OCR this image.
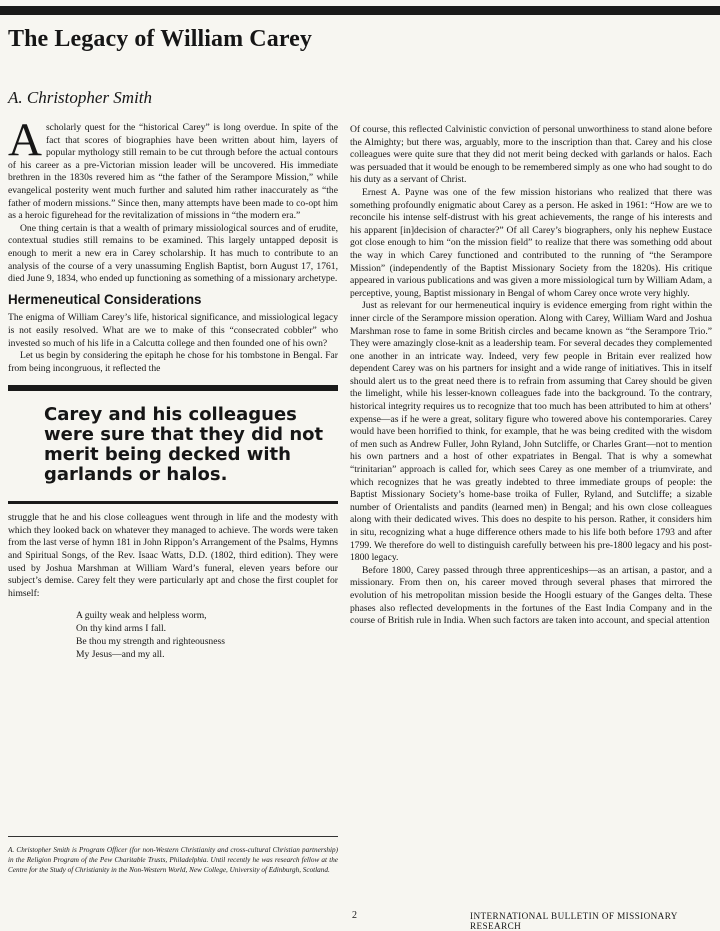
The Legacy of William Carey
A. Christopher Smith

Ascholarly quest for the “historical Carey” is long overdue. In spite of the fact that scores of biographies have been written about him, layers of popular mythology still remain to be cut through before the actual contours of his career as a pre-Victorian mission leader will be uncovered. His immediate brethren in the 1830s revered him as “the father of the Serampore Mission,” while evangelical posterity went much further and saluted him rather inaccurately as “the father of modern missions.” Since then, many attempts have been made to co-opt him as a heroic figurehead for the revitalization of missions in “the modern era.”

One thing certain is that a wealth of primary missiological sources and of erudite, contextual studies still remains to be examined. This largely untapped deposit is enough to merit a new era in Carey scholarship. It has much to contribute to an analysis of the course of a very unassuming English Baptist, born August 17, 1761, died June 9, 1834, who ended up functioning as something of a missionary archetype.

Hermeneutical Considerations

The enigma of William Carey’s life, historical significance, and missiological legacy is not easily resolved. What are we to make of this “consecrated cobbler” who invested so much of his life in a Calcutta college and then founded one of his own?

Let us begin by considering the epitaph he chose for his tombstone in Bengal. Far from being incongruous, it reflected the

Carey and his colleagues were sure that they did not merit being decked with garlands or halos.

struggle that he and his close colleagues went through in life and the modesty with which they looked back on whatever they managed to achieve. The words were taken from the last verse of hymn 181 in John Rippon’s Arrangement of the Psalms, Hymns and Spiritual Songs, of the Rev. Isaac Watts, D.D. (1802, third edition). They were used by Joshua Marshman at William Ward’s funeral, eleven years before our subject’s demise. Carey felt they were particularly apt and chose the first couplet for himself:

A guilty weak and helpless worm,
On thy kind arms I fall.
Be thou my strength and righteousness
My Jesus—and my all.

Of course, this reflected Calvinistic conviction of personal unworthiness to stand alone before the Almighty; but there was, arguably, more to the inscription than that. Carey and his close colleagues were quite sure that they did not merit being decked with garlands or halos. Each was persuaded that it would be enough to be remembered simply as one who had sought to do his duty as a servant of Christ.

Ernest A. Payne was one of the few mission historians who realized that there was something profoundly enigmatic about Carey as a person. He asked in 1961: “How are we to reconcile his intense self-distrust with his great achievements, the range of his interests and his apparent [in]decision of character?” Of all Carey’s biographers, only his nephew Eustace got close enough to him “on the mission field” to realize that there was something odd about the way in which Carey functioned and contributed to the running of “the Serampore Mission” (independently of the Baptist Missionary Society from the 1820s). His critique appeared in various publications and was given a more missiological turn by William Adam, a perceptive, young, Baptist missionary in Bengal of whom Carey once wrote very highly.

Just as relevant for our hermeneutical inquiry is evidence emerging from right within the inner circle of the Serampore mission operation. Along with Carey, William Ward and Joshua Marshman rose to fame in some British circles and became known as “the Serampore Trio.” They were amazingly close-knit as a leadership team. For several decades they complemented one another in an intricate way. Indeed, very few people in Britain ever realized how dependent Carey was on his partners for insight and a wide range of initiatives. This in itself should alert us to the great need there is to refrain from assuming that Carey should be given the limelight, while his lesser-known colleagues fade into the background. To the contrary, historical integrity requires us to recognize that too much has been attributed to him at others’ expense—as if he were a great, solitary figure who towered above his contemporaries. Carey would have been horrified to think, for example, that he was being credited with the wisdom of men such as Andrew Fuller, John Ryland, John Sutcliffe, or Charles Grant—not to mention his own partners and a host of other expatriates in Bengal. That is why a somewhat “trinitarian” approach is called for, which sees Carey as one member of a triumvirate, and which recognizes that he was greatly indebted to three immediate groups of people: the Baptist Missionary Society’s home-base troika of Fuller, Ryland, and Sutcliffe; a sizable number of Orientalists and pandits (learned men) in Bengal; and his own close colleagues along with their dedicated wives. This does no despite to his person. Rather, it considers him in situ, recognizing what a huge difference others made to his life both before 1793 and after 1799. We therefore do well to distinguish carefully between his pre-1800 legacy and his post-1800 legacy.

Before 1800, Carey passed through three apprenticeships—as an artisan, a pastor, and a missionary. From then on, his career moved through several phases that mirrored the evolution of his metropolitan mission beside the Hoogli estuary of the Ganges delta. These phases also reflected developments in the fortunes of the East India Company and in the course of British rule in India. When such factors are taken into account, and special attention

A. Christopher Smith is Program Officer (for non-Western Christianity and cross-cultural Christian partnership) in the Religion Program of the Pew Charitable Trusts, Philadelphia. Until recently he was research fellow at the Centre for the Study of Christianity in the Non-Western World, New College, University of Edinburgh, Scotland.
2	INTERNATIONAL BULLETIN OF MISSIONARY RESEARCH
